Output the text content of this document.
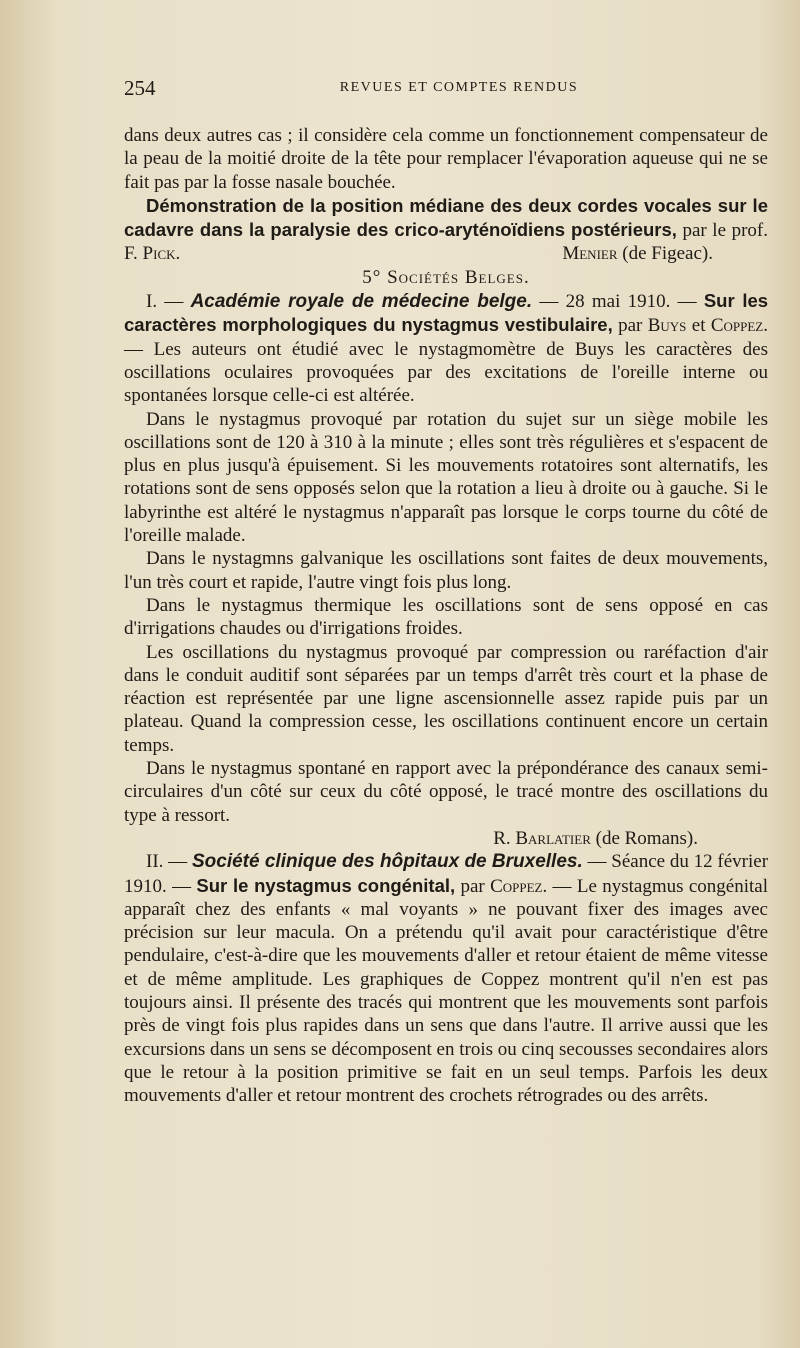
254	REVUES ET COMPTES RENDUS

dans deux autres cas ; il considère cela comme un fonctionnement compensateur de la peau de la moitié droite de la tête pour remplacer l'évaporation aqueuse qui ne se fait pas par la fosse nasale bouchée.

Démonstration de la position médiane des deux cordes vocales sur le cadavre dans la paralysie des crico-aryténoïdiens postérieurs, par le prof. F. Pick.	Menier (de Figeac).

5° Sociétés Belges.

I. — Académie royale de médecine belge. — 28 mai 1910. — Sur les caractères morphologiques du nystagmus vestibulaire, par Buys et Coppez. — Les auteurs ont étudié avec le nystagmomètre de Buys les caractères des oscillations oculaires provoquées par des excitations de l'oreille interne ou spontanées lorsque celle-ci est altérée.

Dans le nystagmus provoqué par rotation du sujet sur un siège mobile les oscillations sont de 120 à 310 à la minute ; elles sont très régulières et s'espacent de plus en plus jusqu'à épuisement. Si les mouvements rotatoires sont alternatifs, les rotations sont de sens opposés selon que la rotation a lieu à droite ou à gauche. Si le labyrinthe est altéré le nystagmus n'apparaît pas lorsque le corps tourne du côté de l'oreille malade.

Dans le nystagmns galvanique les oscillations sont faites de deux mouvements, l'un très court et rapide, l'autre vingt fois plus long.

Dans le nystagmus thermique les oscillations sont de sens opposé en cas d'irrigations chaudes ou d'irrigations froides.

Les oscillations du nystagmus provoqué par compression ou raréfaction d'air dans le conduit auditif sont séparées par un temps d'arrêt très court et la phase de réaction est représentée par une ligne ascensionnelle assez rapide puis par un plateau. Quand la compression cesse, les oscillations continuent encore un certain temps.

Dans le nystagmus spontané en rapport avec la prépondérance des canaux semi-circulaires d'un côté sur ceux du côté opposé, le tracé montre des oscillations du type à ressort.

R. Barlatier (de Romans).

II. — Société clinique des hôpitaux de Bruxelles. — Séance du 12 février 1910. — Sur le nystagmus congénital, par Coppez. — Le nystagmus congénital apparaît chez des enfants « mal voyants » ne pouvant fixer des images avec précision sur leur macula. On a prétendu qu'il avait pour caractéristique d'être pendulaire, c'est-à-dire que les mouvements d'aller et retour étaient de même vitesse et de même amplitude. Les graphiques de Coppez montrent qu'il n'en est pas toujours ainsi. Il présente des tracés qui montrent que les mouvements sont parfois près de vingt fois plus rapides dans un sens que dans l'autre. Il arrive aussi que les excursions dans un sens se décomposent en trois ou cinq secousses secondaires alors que le retour à la position primitive se fait en un seul temps. Parfois les deux mouvements d'aller et retour montrent des crochets rétrogrades ou des arrêts.
